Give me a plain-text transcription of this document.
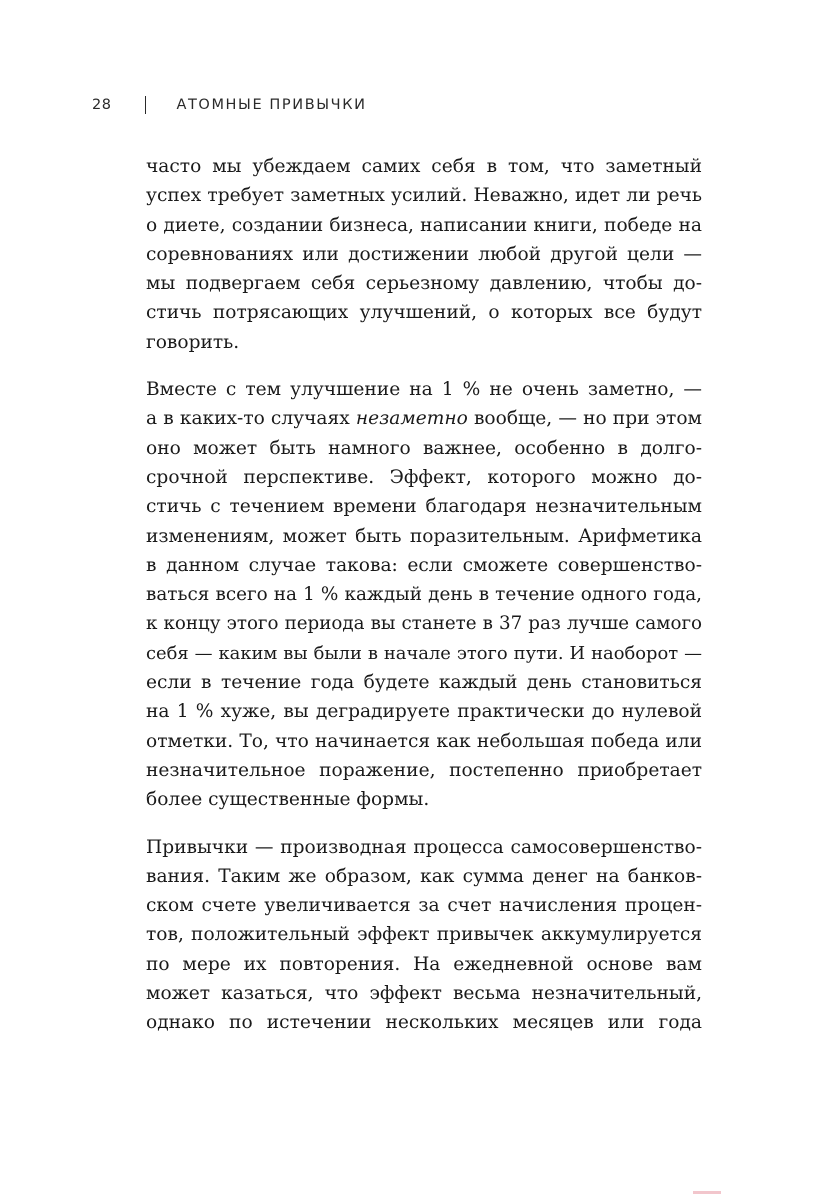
28	АТОМНЫЕ ПРИВЫЧКИ
часто мы убеждаем самих себя в том, что заметный
успех требует заметных усилий. Неважно, идет ли речь
о диете, создании бизнеса, написании книги, победе на
соревнованиях или достижении любой другой цели —
мы подвергаем себя серьезному давлению, чтобы до-
стичь потрясающих улучшений, о которых все будут
говорить.
Вместе с тем улучшение на 1 % не очень заметно, —
а в каких-то случаях незаметно вообще, — но при этом
оно может быть намного важнее, особенно в долго-
срочной перспективе. Эффект, которого можно до-
стичь с течением времени благодаря незначительным
изменениям, может быть поразительным. Арифметика
в данном случае такова: если сможете совершенство-
ваться всего на 1 % каждый день в течение одного года,
к концу этого периода вы станете в 37 раз лучше самого
себя — каким вы были в начале этого пути. И наоборот —
если в течение года будете каждый день становиться
на 1 % хуже, вы деградируете практически до нулевой
отметки. То, что начинается как небольшая победа или
незначительное поражение, постепенно приобретает
более существенные формы.
Привычки — производная процесса самосовершенство-
вания. Таким же образом, как сумма денег на банков-
ском счете увеличивается за счет начисления процен-
тов, положительный эффект привычек аккумулируется
по мере их повторения. На ежедневной основе вам
может казаться, что эффект весьма незначительный,
однако по истечении нескольких месяцев или года
